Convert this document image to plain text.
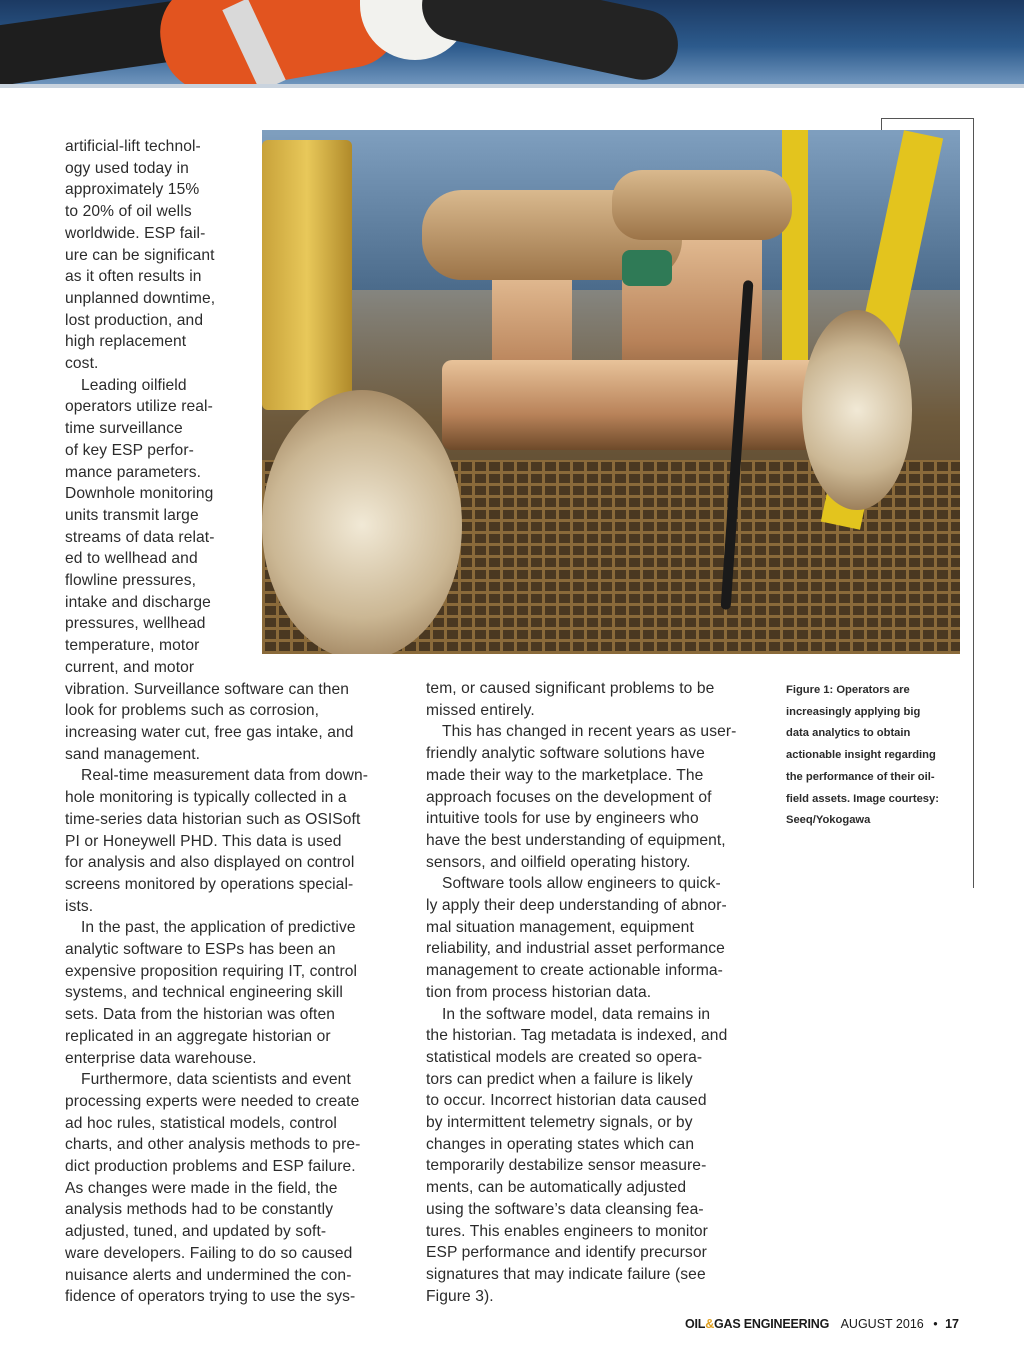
artificial-lift technol-
ogy used today in
approximately 15%
to 20% of oil wells
worldwide. ESP fail-
ure can be significant
as it often results in
unplanned downtime,
lost production, and
high replacement
cost.
Leading oilfield
operators utilize real-
time surveillance
of key ESP perfor-
mance parameters.
Downhole monitoring
units transmit large
streams of data relat-
ed to wellhead and
flowline pressures,
intake and discharge
pressures, wellhead
temperature, motor
current, and motor
vibration. Surveillance software can then
look for problems such as corrosion,
increasing water cut, free gas intake, and
sand management.
Real-time measurement data from down-
hole monitoring is typically collected in a
time-series data historian such as OSISoft
PI or Honeywell PHD. This data is used
for analysis and also displayed on control
screens monitored by operations special-
ists.
In the past, the application of predictive
analytic software to ESPs has been an
expensive proposition requiring IT, control
systems, and technical engineering skill
sets. Data from the historian was often
replicated in an aggregate historian or
enterprise data warehouse.
Furthermore, data scientists and event
processing experts were needed to create
ad hoc rules, statistical models, control
charts, and other analysis methods to pre-
dict production problems and ESP failure.
As changes were made in the field, the
analysis methods had to be constantly
adjusted, tuned, and updated by soft-
ware developers. Failing to do so caused
nuisance alerts and undermined the con-
fidence of operators trying to use the sys-
tem, or caused significant problems to be
missed entirely.
This has changed in recent years as user-
friendly analytic software solutions have
made their way to the marketplace. The
approach focuses on the development of
intuitive tools for use by engineers who
have the best understanding of equipment,
sensors, and oilfield operating history.
Software tools allow engineers to quick-
ly apply their deep understanding of abnor-
mal situation management, equipment
reliability, and industrial asset performance
management to create actionable informa-
tion from process historian data.
In the software model, data remains in
the historian. Tag metadata is indexed, and
statistical models are created so opera-
tors can predict when a failure is likely
to occur. Incorrect historian data caused
by intermittent telemetry signals, or by
changes in operating states which can
temporarily destabilize sensor measure-
ments, can be automatically adjusted
using the software’s data cleansing fea-
tures. This enables engineers to monitor
ESP performance and identify precursor
signatures that may indicate failure (see
Figure 3).
Figure 1: Operators are
increasingly applying big
data analytics to obtain
actionable insight regarding
the performance of their oil-
field assets. Image courtesy:
Seeq/Yokogawa
OIL&GAS ENGINEERING AUGUST 2016 • 17
